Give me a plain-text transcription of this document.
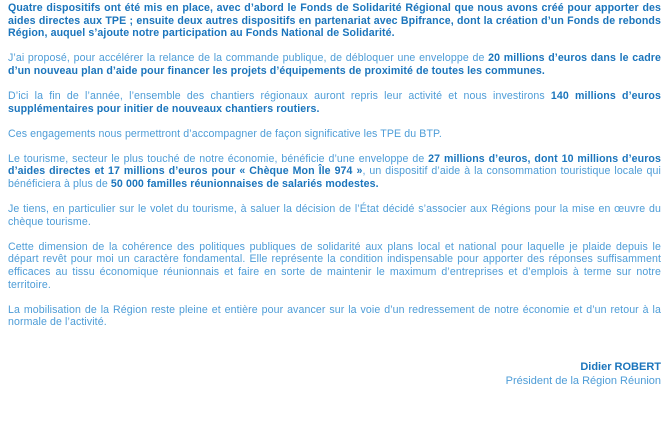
Quatre dispositifs ont été mis en place, avec d’abord le Fonds de Solidarité Régional que nous avons créé pour apporter des aides directes aux TPE ; ensuite deux autres dispositifs en partenariat avec Bpifrance, dont la création d’un Fonds de rebonds Région, auquel s’ajoute notre participation au Fonds National de Solidarité.

J’ai proposé, pour accélérer la relance de la commande publique, de débloquer une enveloppe de 20 millions d’euros dans le cadre d’un nouveau plan d’aide pour financer les projets d’équipements de proximité de toutes les communes.

D’ici la fin de l’année, l’ensemble des chantiers régionaux auront repris leur activité et nous investirons 140 millions d’euros supplémentaires pour initier de nouveaux chantiers routiers.

Ces engagements nous permettront d’accompagner de façon significative les TPE du BTP.

Le tourisme, secteur le plus touché de notre économie, bénéficie d’une enveloppe de 27 millions d’euros, dont 10 millions d’euros d’aides directes et 17 millions d’euros pour « Chèque Mon Île 974 », un dispositif d’aide à la consommation touristique locale qui bénéficiera à plus de 50 000 familles réunionnaises de salariés modestes.

Je tiens, en particulier sur le volet du tourisme, à saluer la décision de l’État décidé s’associer aux Régions pour la mise en œuvre du chèque tourisme.

Cette dimension de la cohérence des politiques publiques de solidarité aux plans local et national pour laquelle je plaide depuis le départ revêt pour moi un caractère fondamental. Elle représente la condition indispensable pour apporter des réponses suffisamment efficaces au tissu économique réunionnais et faire en sorte de maintenir le maximum d’entreprises et d’emplois à terme sur notre territoire.

La mobilisation de la Région reste pleine et entière pour avancer sur la voie d’un redressement de notre économie et d’un retour à la normale de l’activité.

Didier ROBERT
Président de la Région Réunion
